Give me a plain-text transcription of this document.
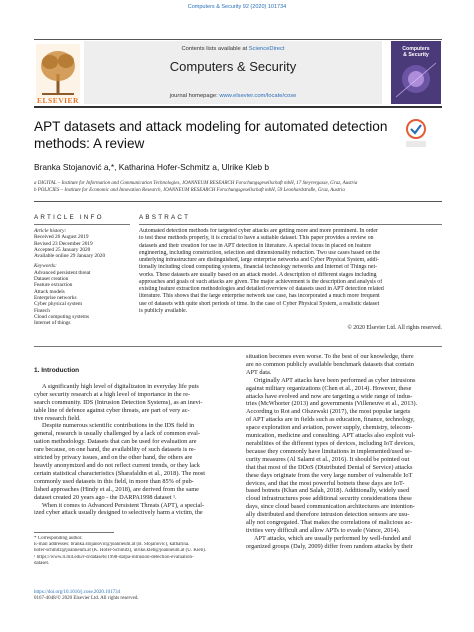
Computers & Security 92 (2020) 101734
ELSEVIER
Contents lists available at ScienceDirect
Computers & Security
journal homepage: www.elsevier.com/locate/cose
Computers
& Security
APT datasets and attack modeling for automated detection methods: A review
Branka Stojanović a,*, Katharina Hofer-Schmitz a, Ulrike Kleb b
a DIGITAL – Institute for Information and Communication Technologies, JOANNEUM RESEARCH Forschungsgesellschaft mbH, 17 Steyrergasse, Graz, Austria
b POLICIES – Institute for Economic and Innovation Research, JOANNEUM RESEARCH Forschungsgesellschaft mbH, 59 Leonhardstraße, Graz, Austria
ARTICLE INFO	ABSTRACT
Article history:
Received 26 August 2019
Revised 23 December 2019
Accepted 25 January 2020
Available online 29 January 2020
Keywords:
Advanced persistent threat
Dataset creation
Feature extraction
Attack models
Enterprise networks
Cyber physical system
Fintech
Cloud computing systems
Internet of things
Automated detection methods for targeted cyber attacks are getting more and more prominent. In order
to test these methods properly, it is crucial to have a suitable dataset. This paper provides a review on
datasets and their creation for use in APT detection in literature. A special focus in placed on feature
engineering, including construction, selection and dimensionality reduction. Two use cases based on the
underlying infrastructure are distinguished, large enterprise networks and Cyber Physical System, addi-
tionally including cloud computing systems, financial technology networks and Internet of Things net-
works. These datasets are usually based on an attack model. A description of different stages including
approaches and goals of such attacks are given. The major achievement is the description and analysis of
existing feature extraction methodologies and detailed overview of datasets used in APT detection related
literature. This shows that the large enterprise network use case, has incorporated a much more frequent
use of datasets with quite short periods of time. In the case of Cyber Physical System, a realistic dataset
is publicly available.
© 2020 Elsevier Ltd. All rights reserved.
1. Introduction
A significantly high level of digitalizaton in everyday life puts
cyber security research at a high level of importance in the re-
search community. IDS (Intrusion Detection Systems), as an inevi-
table line of defence against cyber threats, are part of very ac-
tive research field.
Despite numerous scientific contributions in the IDS field in
general, research is usually challenged by a lack of common eval-
uation methodology. Datasets that can be used for evaluation are
rare because, on one hand, the availability of such datasets is re-
stricted by privacy issues, and on the other hand, the others are
heavily anonymized and do not reflect current trends, or they lack
certain statistical characteristics (Sharafaldin et al., 2018). The most
commonly used datasets in this field, in more than 85% of pub-
lished approaches (Hindy et al., 2018), are derived from the same
dataset created 20 years ago - the DARPA1998 dataset ¹.
When it comes to Advanced Persistent Threats (APT), a special-
ized cyber attack usually designed to selectively harm a victim, the
* Corresponding author.
E-mail addresses: branka.stojanovic@joanneum.at (B. Stojanović), katharina.
hofer-schmitz@joanneum.at (K. Hofer-Schmitz), ulrike.kleb@joanneum.at (U. Kleb).
¹ https://www.ll.mit.edu/r-d/datasets/1998-darpa-intrusion-detection-evaluation-
dataset.
https://doi.org/10.1016/j.cose.2020.101734
0167-4048/© 2020 Elsevier Ltd. All rights reserved.
situation becomes even worse. To the best of our knowledge, there
are no common publicly available benchmark datasets that contain
APT data.
Originally APT attacks have been performed as cyber intrusions
against military organizations (Chen et al., 2014). However, these
attacks have evolved and now are targeting a wide range of indus-
tries (McWhorter (2013) and governments (Villeneuve et al., 2013).
According to Rot and Olszewski (2017), the most popular targets
of APT attacks are in fields such as education, finance, technology,
space exploration and aviation, power supply, chemistry, telecom-
munication, medicine and consulting. APT attacks also exploit vul-
nerabilities of the different types of devices, including IoT devices,
because they commonly have limitations in implemented/used se-
curity measures (Al Salami et al., 2016). It should be pointed out
that that most of the DDoS (Distributed Denial of Service) attacks
these days originate from the very large number of vulnerable IoT
devices, and that the most powerful botnets these days are IoT-
based botnets (Khan and Salah, 2018). Additionally, widely used
cloud infrastructures pose additional security considerations these
days, since cloud based communication architectures are intention-
ally distributed and therefore intrusion detection sensors are usu-
ally not congregated. That makes the correlations of malicious ac-
tivities very difficult and allow APTs to evade (Vance, 2014).
APT attacks, which are usually performed by well-funded and
organized groups (Daly, 2009) differ from random attacks by their
